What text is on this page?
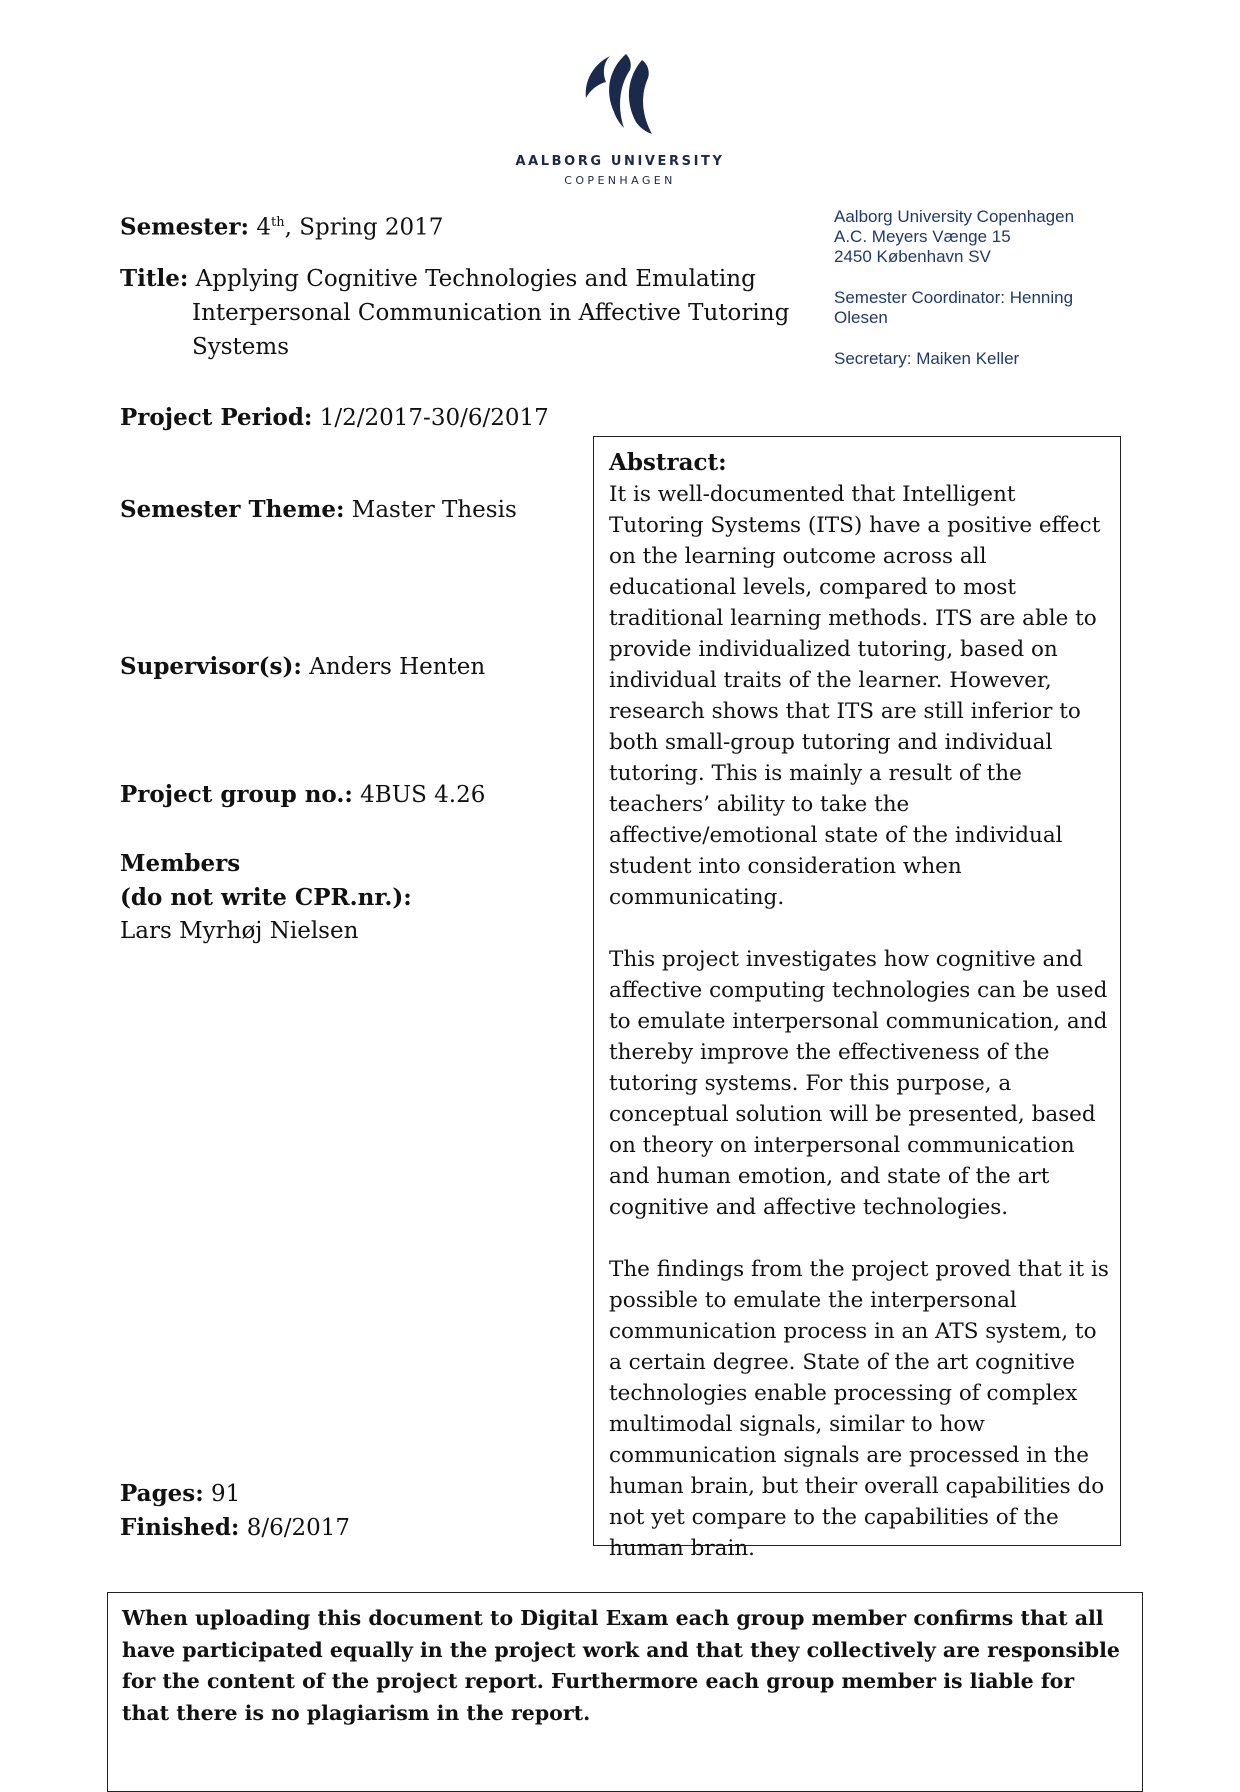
AALBORG UNIVERSITY
COPENHAGEN
Aalborg University Copenhagen
A.C. Meyers Vænge 15
2450 København SV
Semester Coordinator: Henning Olesen
Secretary: Maiken Keller
Semester: 4th, Spring 2017
Title: Applying Cognitive Technologies and Emulating
Interpersonal Communication in Affective Tutoring
Systems
Project Period: 1/2/2017-30/6/2017
Semester Theme: Master Thesis
Supervisor(s): Anders Henten
Project group no.: 4BUS 4.26
Members
(do not write CPR.nr.):
Lars Myrhøj Nielsen
Pages: 91
Finished: 8/6/2017
Abstract:

It is well-documented that Intelligent Tutoring Systems (ITS) have a positive effect on the learning outcome across all educational levels, compared to most traditional learning methods. ITS are able to provide individualized tutoring, based on individual traits of the learner. However, research shows that ITS are still inferior to both small-group tutoring and individual tutoring. This is mainly a result of the teachers’ ability to take the affective/emotional state of the individual student into consideration when communicating.

This project investigates how cognitive and affective computing technologies can be used to emulate interpersonal communication, and thereby improve the effectiveness of the tutoring systems. For this purpose, a conceptual solution will be presented, based on theory on interpersonal communication and human emotion, and state of the art cognitive and affective technologies.

The findings from the project proved that it is possible to emulate the interpersonal communication process in an ATS system, to a certain degree. State of the art cognitive technologies enable processing of complex multimodal signals, similar to how communication signals are processed in the human brain, but their overall capabilities do not yet compare to the capabilities of the human brain.

When uploading this document to Digital Exam each group member confirms that all have participated equally in the project work and that they collectively are responsible for the content of the project report. Furthermore each group member is liable for that there is no plagiarism in the report.
